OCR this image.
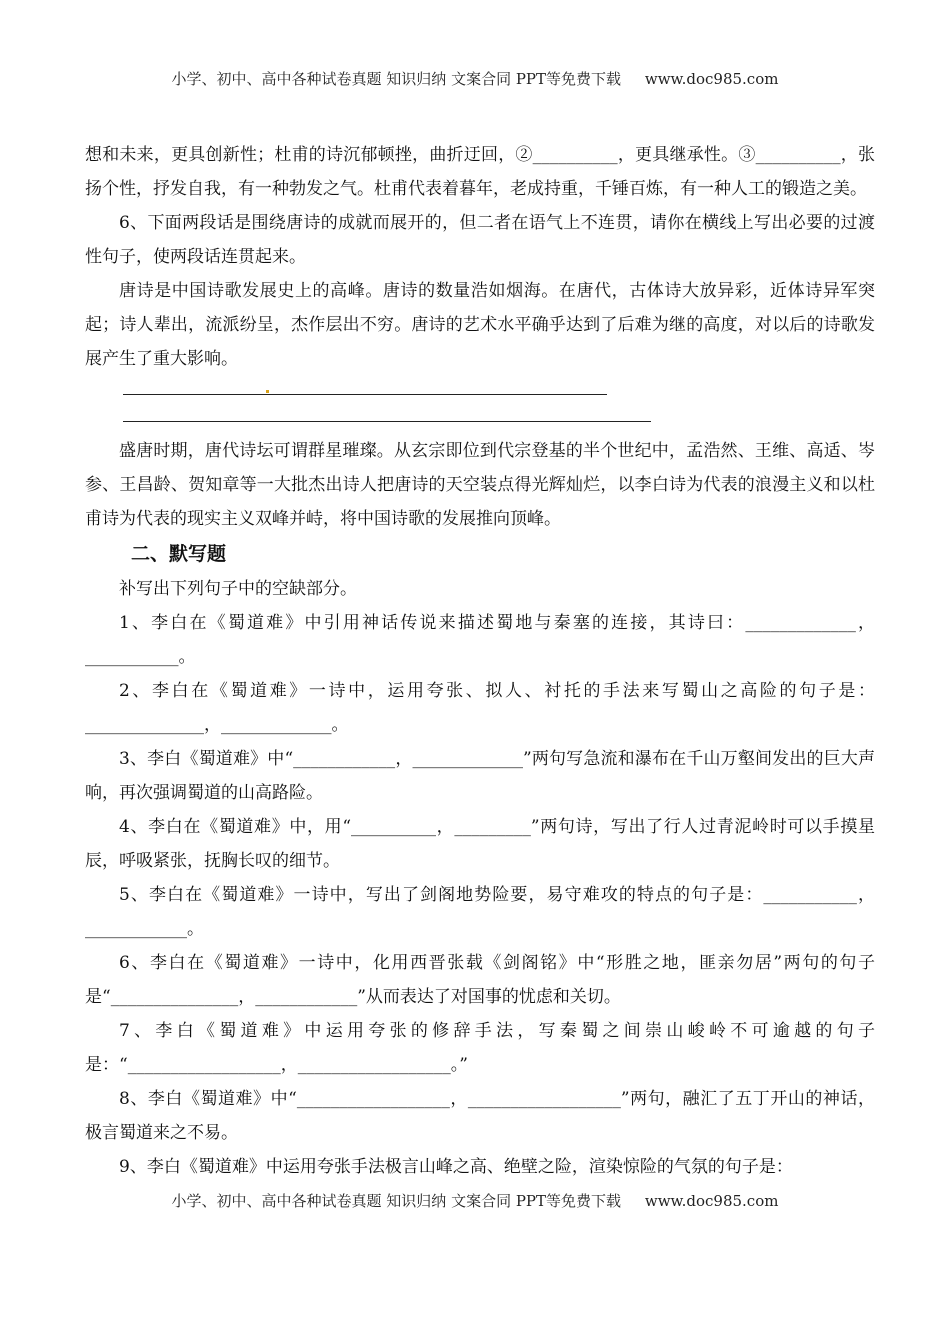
小学、初中、高中各种试卷真题 知识归纳 文案合同 PPT等免费下载     www.doc985.com

想和未来，更具创新性；杜甫的诗沉郁顿挫，曲折迂回，②__________，更具继承性。③__________，张扬个性，抒发自我，有一种勃发之气。杜甫代表着暮年，老成持重，千锤百炼，有一种人工的锻造之美。

6、下面两段话是围绕唐诗的成就而展开的，但二者在语气上不连贯，请你在横线上写出必要的过渡性句子，使两段话连贯起来。

唐诗是中国诗歌发展史上的高峰。唐诗的数量浩如烟海。在唐代，古体诗大放异彩，近体诗异军突起；诗人辈出，流派纷呈，杰作层出不穷。唐诗的艺术水平确乎达到了后难为继的高度，对以后的诗歌发展产生了重大影响。

盛唐时期，唐代诗坛可谓群星璀璨。从玄宗即位到代宗登基的半个世纪中，孟浩然、王维、高适、岑参、王昌龄、贺知章等一大批杰出诗人把唐诗的天空装点得光辉灿烂，以李白诗为代表的浪漫主义和以杜甫诗为代表的现实主义双峰并峙，将中国诗歌的发展推向顶峰。

二、默写题

补写出下列句子中的空缺部分。

1、李白在《蜀道难》中引用神话传说来描述蜀地与秦塞的连接，其诗曰：_____________，___________。

2、李白在《蜀道难》一诗中，运用夸张、拟人、衬托的手法来写蜀山之高险的句子是：______________，_____________。

3、李白《蜀道难》中“____________，_____________”两句写急流和瀑布在千山万壑间发出的巨大声响，再次强调蜀道的山高路险。

4、李白在《蜀道难》中，用“__________，_________”两句诗，写出了行人过青泥岭时可以手摸星辰，呼吸紧张，抚胸长叹的细节。

5、李白在《蜀道难》一诗中，写出了剑阁地势险要，易守难攻的特点的句子是：___________，____________。

6、李白在《蜀道难》一诗中，化用西晋张载《剑阁铭》中“形胜之地，匪亲勿居”两句的句子是“_______________，____________”从而表达了对国事的忧虑和关切。

7、李白《蜀道难》中运用夸张的修辞手法，写秦蜀之间崇山峻岭不可逾越的句子是：“__________________，__________________。”

8、李白《蜀道难》中“__________________，__________________”两句，融汇了五丁开山的神话，极言蜀道来之不易。

9、李白《蜀道难》中运用夸张手法极言山峰之高、绝壁之险，渲染惊险的气氛的句子是：

小学、初中、高中各种试卷真题 知识归纳 文案合同 PPT等免费下载     www.doc985.com
